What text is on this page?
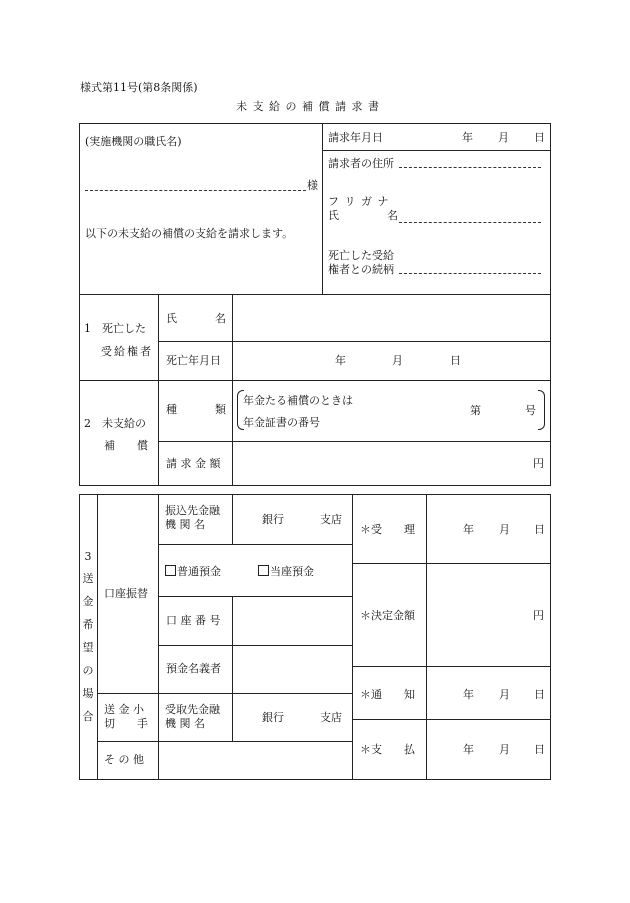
様式第11号(第8条関係)
未 支 給 の 補 償 請 求 書
(実施機関の職氏名)
様
以下の未支給の補償の支給を請求します。
請求年月日	年 月 日
請求者の住所
フ リ ガ ナ
氏	名
死亡した受給
権者との続柄
1　死亡した
受給権者
氏	名
死亡年月日	年	月	日
2　未支給の
補　　償
種	類
年金たる補償のときは
年金証書の番号
第	号
請 求 金 額	円
3
送
金
希
望
の
場
合
口座振替
振込先金融
機 関 名	銀行	支店
普通預金	当座預金
口 座 番 号
預金名義者
送 金 小
切　　手
受取先金融
機 関 名	銀行	支店
そ の 他
＊受　　理	年 月 日
＊決定金額	円
＊通　　知	年 月 日
＊支　　払	年 月 日
